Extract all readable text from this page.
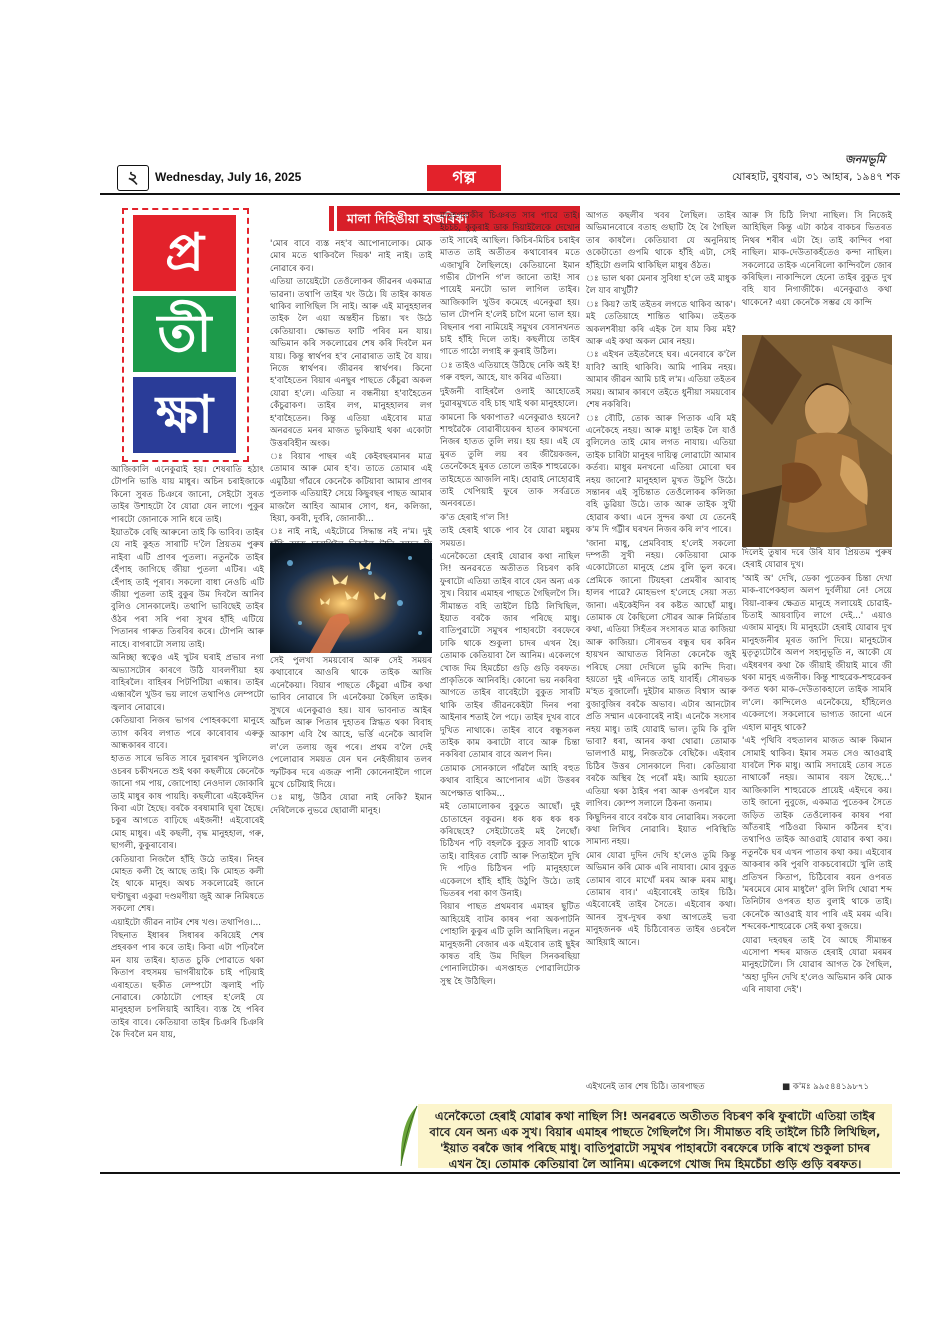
২	Wednesday, July 16, 2025	গল্প	যোৰহাট, বুধবাৰ, ৩১ আহাৰ, ১৯৪৭ শক
জনমভূমি
প্ৰ
তী
ক্ষা
মালা দিহিঙীয়া হাজৰিকা

আজিকালি এনেকুৱাই হয়। শেষৰাতি হঠাৎ টোপনি ভাঙি যায় মাধুৰ। অচিন চৰাইজাকে কিনো সুৰত চিঞৰে জানো, সেইটো সুৰত তাইৰ উশাহটো বৈ যোৱা যেন লাগে। পুকুৰ পাৰটো জোনাকে সানি ধৰে তাই।

ইয়াতকৈ বেছি আৰুনো তাই কি ভাবিব। তাইৰ যে নাই কুহত সাৰাটি দ'লৈ প্ৰিয়তম পুৰুষ নাইবা এটি প্ৰাণৰ পুতলা। নতুনকৈ তাইৰ হেঁপাহ জাগিছে জীয়া পুতলা এটিৰ। এই হেঁপাহ তাই পূৰাব। সকলো বাধা নেওচি এটি জীয়া পুতলা তাই বুকুৰ উম দিবলৈ আনিব বুলিও সোনকালেই। তথাপি ভাবিছেই তাইৰ ওঁঠৰ পৰা সৰি পৰা সুখৰ হাঁহি এটিয়ে পিতানৰ গাৰুত তিৰবিৰ কৰে। টোপনি আৰু নাহে। বাগৰাটো সলায় তাই।

অনিচ্ছা স্বত্বেও এই খুটৰ ঘৰাই প্ৰভাৰ নগা অভ্যাসটোৰ কাৰণে উঠি যাবলগীয়া হয় বাহিৰলৈ। বাহিৰৰ পিটপিটিয়া এন্ধাৰ। তাইৰ এন্ধাৰলৈ খুউব ভয় লাগে তথাপিও লেম্পটো জ্বলাব নোৱাৰে।

কেতিয়াবা নিজৰ ভাগৰ পোহৰকণো মানুহে ত্যাগ কৰিব লগাত পৰে কাৰোবাৰ এৰুকু আন্ধকাৰৰ বাবে।

হাতত সাৰে ভৰিত সাৰে দুৱাৰখন খুলিলেও ওচৰৰ চকীখনতে শুই থকা কছলীয়ে কেনেকৈ জানো গম পায়, জোপোহা নেওদাল জোকাৰি তাই মাধুৰ কাষ পায়হি। কছলীৰো এইকেইদিন কিবা এটা হৈছে। বৰকৈ বৰষামাৰি ঘূৰা হৈছে। চকুৰ আগতে বাঢ়িছে এইজনী! এইবোৰেই মোহ মাধুৰ। এই কছলী, বৃদ্ধ মানুহহাল, গৰু, ছাগলী, কুকুৰাবোৰ।

কেতিয়াবা নিজলৈ হাঁহি উঠে তাইৰ। নিহৰ মোহত কলী হৈ আছে তাই। কি মোহত কলী হৈ থাকে মানুহ। অথচ সকলোৱেই জানে ঘণ্টাছুৰা একুৱা দণ্ডমণীয়া জুই আৰু নিমিষতে সকলো শেষ।

এয়াইটো জীৱন নাটৰ শেষ খণ্ড। তথাপিও।...

বিছনাত ইধাৰৰ সিধাৰৰ কৰিয়েই শেষ প্ৰহৰকণ পাৰ কৰে তাই। কিবা এটা পঢ়িবলৈ মন যায় তাইৰ। হাতত চুকি পোৱাতে থকা কিতাপ বহুসময় ভাগৰীয়াকৈ চাই পঢ়িয়াই এৰাহতে। ছকীত লেম্পটো জ্বলাই পঢ়ি নোৱাৰে। কোঠাটো পোহৰ হ'লেই যে মানুহহাল চপলিয়াই আহিব। ব্যস্ত হৈ পৰিব তাইৰ বাবে। কেতিয়াবা তাইৰ চিঞৰি চিঞৰি কৈ দিবলৈ মন যায়,

'মোৰ বাবে ব্যস্ত নহ'ব আপোনালোক। মোক মোৰ মতে থাকিবলৈ দিয়ক' নাই নাই। তাই নোৱাৰে কব।

এতিয়া তায়েইটো তেওঁলোকৰ জীৱনৰ একমাত্ৰ ভাৱনা। তথাপি তাইৰ খং উঠে। যি তাইৰ কাষত থাকিব লাগিছিল সি নাই। আৰু এই মানুহহালৰ তাইক লৈ এয়া অন্তহীন চিন্তা। খং উঠে কেতিয়াবা। ক্ষোভত ফাটি পৰিব মন যায়। অভিমান কৰি সকলোৱেৰ শেষ কৰি দিবলৈ মন যায়। কিন্তু স্বাৰ্থপৰ হ'ব নোৱাৰাত তাই বৈ যায়। নিজে স্বাৰ্থপৰ। জীৱনৰ স্বাৰ্থপৰ। কিনো হ'বাহৈতেন বিয়াৰ এনছুৰ পাছতে কেঁচুৱা অকল যোৱা হ'লে। এতিয়া ন বন্ধনীয়া হ'বাহৈতেন কেঁচুৱাকণ। তাইৰ লগ, মানুহহালৰ লগ হ'বাহৈতেন। কিন্তু এতিয়া এইবোৰ মাত্ৰ অনৱৰতে মনৰ মাজত ভুকিয়াই থকা একোটা উত্তৰবিহীন অংক।

ঃ বিয়াৰ পাছৰ এই কেইবছৰমানৰ মাত্ৰ তোমাৰ আৰু মোৰ হ'ব। তাতে তোমাৰ এই এমুঠিয়া গাঁৱৰে কেনেকৈ কটিয়াবা আমাৰ প্ৰাণৰ পুতলাক এতিয়াই? সেয়ে কিছুবছৰ পাছত আমাৰ মাজলৈ আহিব আমাৰ সোণ, ধন, কলিজা, হিয়া, কৰবী, দুৰ্বৰি, জোনাকী...

ঃ নাই নাই, এইটোৱে সিদ্ধান্ত নই ন'ম। দুই

সেই পুলখা সময়বোৰ আৰু সেই সময়ৰ কথাবোৰে আওৰি থাকে তাইক আজি এনেকৈয়া। বিয়াৰ পাছতে কেঁচুৱা এটিৰ কথা ভাবিব নোৱাৰে সি এনেকৈয়া কৈছিল তাইক। সুখৰে এনেকুৱাও হয়। যাৰ ভাবনাত আইৰ আঁচল আৰু পিতাৰ দুহাতৰ স্নিগ্ধত থকা বিবাহ আকাশ এবি থৈ আহে, ভৰ্ত্তি এনেকৈ আবলি ল'লে তলায় জুৰ পৰে। প্ৰথম ব'লৈ দেই পেলোৱাৰ সময়ত যেন ঘন নেইজীয়াৰ তলৰ স্ফটিকৰ দৰে এজত্ৰু পানী কোনেনাইলৈ গালে মুখে চেটিয়াই দিয়ে।

ঃ মাধু, উঠিব যোৱা নাই নেকি? ইমান দেৰিলৈকে নুভৱে ছোৱালী মানুহ।

মানুহগৰাকীৰ চিঞৰত সাৰ পাৱে তাই। ইচচচ, কুকুৰাই ডাক দিয়াইলৈকে দেখোন তাই সাৰেই আছিল। কিচিৰ-মিচিৰ চৰাইৰ মাতত তাই অতীতৰ কথাবোৰৰ মতে এজাখুৰি লৈছিলহে। কেতিয়ানো ইমান গভীৰ টোপনি গ'ল জানো তাই! সাৰ পায়েই মনটো ভাল লাগিল তাইৰ। আজিকালি খুউব কমেহে এনেকুৱা হয়। ভাল টোপনি হ'লেই চাগৈ মনো ভাল হয়। বিছনাৰ পৰা নামিয়েই সমুখৰ বেসানখনত চাই হাঁহি দিলে তাই। কছলীয়ে তাইৰ গাতে গাঠো লগাই ৰু কুৰাই উঠিল।

ঃ তাইও এতিয়াহে উঠিছে নেকি অই ই! গৰু বহুল, আহে, যাং কৰিৱ এতিয়া।

দুইজনী বাহিৰলৈ ওলাই আহোতেই দুৱাৰমুখতে বহি চাহ খাই থকা মানুহহালে।

কামনো কি থকাপাত? এনেকুৱাও হয়নে? শাহুৱৈকৈ বোৱাৰীয়েকৰ হাতৰ কামখনো নিজৰ হাতত তুলি লয়। হয় হয়। এই যে মুৰত তুলি লয় ৰব জীয়ৈকজন, তেনেকৈহে মুৰত তোলে তাইক শাহুৱেকে। তাইহেতে আজলি নাই। হোৱাই নোহোৱাই তাই খেপিয়াই ফুৰে তাক সৰ্বত্ৰতে অনবৰতে।

ক'ত হেৰাই গ'ল সি!

তাই হেৰাই থাকে পাব বৈ যোৱা মধুময় সময়ত।

এনেকৈতো হেৰাই যোৱাৰ কথা নাছিল সি! অনৱৰতে অতীতত বিচৰণ কৰি ফুৰাটো এতিয়া তাইৰ বাবে যেন অন্য এক সুখ। বিয়াৰ এমাহৰ পাছতে গৈছিলগৈ সি। সীমান্তত বহি তাইলৈ চিঠি লিখিছিল, ইয়াত বৰকৈ জাৰ পৰিছে মাধু। বাতিপুৱাটো সমুখৰ পাহাৰটো বৰফেৰে ঢাকি থাকে শুকুলা চাদৰ এখন হৈ। তোমাক কেতিয়াবা লৈ আনিম। একেলগে খোজ দিম হিমচেঁচা গুড়ি গুড়ি বৰফত। প্ৰাকৃতিকে আনিবহি। কোনো ভয় নকৰিবা আগতে তাইৰ বাবেইটো বুকুত সাৰটি থাকি তাইৰ জীৱনকেইটা দিনৰ পৰা আইনাৰ শতাই লৈ পঢ়ে। তাইৰ দুখৰ বাবে দুখিত নাথাকে। তাইৰ বাবে বন্ধুসকল তাইক কাম কৰাটো বাবে আৰু চিন্তা নকৰিবা তোমাৰ বাবে অলপ দিন।

তোমাক সোনকালে গাঁৱলৈ আহি বহুত কথাৰ বাহিৰে আপোনাৰ এটা উত্তৰৰ অপেক্ষাত থাকিম...

মই তোমালোকৰ বুকুতে আছোঁ। দুই চোতাহেন বকুৱন। ধক ধক ধক ধক কৰিছেহে? সেইটোতেই মই লৈছোঁ। চিঠিখন পঢ়ি বহলকৈ বুকুত সাবটি থাকে তাই। বাহিৰত বোটি আৰু পিতাইলৈ দুখি দি পঢ়িও চিঠিখন পঢ়ি মানুহহালে একেলগে হাঁহি হাঁহি উঠুপি উঠে। তাই ভিতৰৰ পৰা কাণ উনাই।

বিয়াৰ পাছত প্ৰথমবাৰ এমাহৰ ছুটিত আহিয়েই বাটৰ কাষৰ পৰা অকপাটনি পোহালি কুকুৰ এটি তুলি আনিছিল। নতুন মানুহজনী বেজাৰ এক এইবোৰ তাই ছুইৰ কাষত বহি উম দিছিল সিনকৰছিয়া পোনালিটোক। এসপ্তাহত পোৱালিটোক সুস্থ হৈ উঠিছিল।

আগত কছলীৰ খবৰ লৈছিল। তাইৰ অভিমানবোৰে বতাহ গুছাটি হৈ ৰৈ গৈছিল তাৰ কাষলৈ। কেতিয়াবা যে অনুনিয়াহ ওকেটাতো গুপমি থাকে হাঁহি এটা, সেই হাঁহিটো গুলমি থাকিছিল মাধুৰ ওঁঠত।

ঃ ভাল থকা মেনাৰ সুবিধা হ'লে তই মাধুক লৈ যাব ৰাখুটী?

ঃ কিয়? তাই তইতৰ লগতে থাকিব আক'। মই তেতিয়াহে শান্তিত থাকিম। তইতক অকলশৰীয়া কৰি এইক লৈ যাম কিয় মই? আৰু এই কথা অকল মোৰ নহয়।

ঃ এইখন তইতলৈহে ঘৰ। এনেবাৰে ক'লৈ যাবি? আহি থাকিবি। আমি পাৰিম নহয়। আমাৰ জীৱন আমি চাই ল'ম। এতিয়া তইতৰ সময়। আমাৰ কাৰণে তইতে ধুনীয়া সময়বোৰ শেষ নকৰিবি।

ঃ বৌটি, তোক আৰু পিতাক এৰি মই এনেকৈহে নহয়। আৰু মাধু! তাইক লৈ যাওঁ বুলিলেও তাই মোৰ লগত নাযায়। এতিয়া তাইক চাৰিটা মানুহৰ দায়িত্ব লোৱাটো আমাৰ কৰ্তব্য। মাধুৰ মনখনো এতিয়া মোৰো ঘৰ নহয় জানো? মানুহহাল মুখত উচুপি উঠে। সন্তানৰ এই সুচিন্তাত তেওঁলোকৰ কলিজা বহি ডুৱিয়া উঠে। তাক আৰু তাইক সুখী হোৱাৰ কথা। এনে সুন্দৰ কথা যে তেনেই ক'ম দি গট্টীৰ ঘৰখন নিজৰ কৰি ল'ব পাৰে।

'জানা মাধু, প্ৰেমবিবাহ হ'লেই সকলো দম্পতী সুখী নহয়। কেতিয়াবা মোক একোটোতো মানুহে প্ৰেম বুলি ভুল কৰে। প্ৰেমিকে জানো টিয়হৰা প্ৰেমৰীৰ আবাহ হালৰ পাৱে? মোহভংগ হ'লেহে সেয়া সত্য জানা। এইকেইদিন বৰ কষ্টত আছোঁ মাধু। তোমাক যে কৈছিলো সৌৱৰ আৰু নিৰ্মিতাৰ কথা, এতিয়া সিহঁতৰ সংসাৰত মাত্ৰ কাজিয়া আৰু কাজিয়া। সৌৰভৰ বন্ধুৰ ঘৰ কৰিন হায়খন আঘাতত বিনিতা কেনেকৈ জুই পৰিছে সেয়া দেখিলে ভুমি কান্দি দিবা। হয়তো দুই এদিনতে তাই যাবহিঁ। সৌৰভক ম'হত বুজালোঁ। দুইটাৰ মাজত বিশ্বাস আৰু বুজাবুজিৰ বৰকৈ অভাব। এটাৰ আনটোৰ প্ৰতি সম্মান একেবাৰেই নাই। এনেকৈ সংসাৰ নহয় মাধু। তাই যোৱাই ভাল। তুমি কি বুলি ভাবা? ধৰা, আনৰ কথা থোৱা। তোমাক ভালপাওঁ মাধু, নিজতকৈ বেছিকৈ। এইবাৰ চিঠিৰ উত্তৰ সোনকালে দিবা। কেতিয়াবা বৰকৈ অস্থিৰ হৈ পৰোঁ মই। আমি হয়তো এতিয়া থকা ঠাইৰ পৰা আৰু ওপৰলৈ যাব লাগিব। ক্যেম্প সলালে ঠিকনা জনাম।

কিছুদিনৰ বাবে বৰকৈ যাব নোৱাৰিম। সকলো কথা লিখিব নোৱাৰি। ইয়াত পৰিস্থিতি সামান্য নহয়।

মোৰ যোৱা দুদিন দেখি হ'লেও তুমি কিন্তু অভিমান কৰি মোক এৰি নাযাবা। মোৰ বুকুত তোমাৰ বাবে মাখোঁ মৰম আৰু মৰম মাধু। তোমাৰ বাব।' এইবোৰেই তাইৰ চিঠি। এইবোৰেই তাইৰ সৈতে। এইবোৰ কথা। আনৰ সুখ-দুখৰ কথা আগতেই ভবা মানুহজনক এই চিঠিবোৰত তাইৰ ওচৰলৈ আহিয়াই আনে।

এইখনেই তাৰ শেষ চিঠি। তাৰপাছত

আৰু সি চিঠি লিখা নাছিল। সি নিজেই আহিছিল কিন্তু এটা কাঠৰ বাকচৰ ভিতৰত নিথৰ শৰীৰ এটা হৈ। তাই কান্দিব পৰা নাছিল। মাক-দেউতাকহঁতেও কন্দা নাছিল। সকলোৱে তাইক এনেৰিলো কান্দিবলৈ জোৰ কৰিছিল। নাকান্দিলে হেনো তাইৰ বুকুত দুখ বহি যাব নিগাজীকৈ। এনেকুৱাও কথা থাকেনে? এয়া কেনেকৈ সম্ভৱ যে কান্দি

দিলেই তুষাৰ দৰে উৰি যাব প্ৰিয়তম পুৰুষ হেৰাই যোৱাৰ দুখ।

'আই অ' দেখি, ডেকা পুতেকৰ চিন্তা দেখা মাক-বাপেকহাল অলপ দুৰ্বলীয়া নে! সেয়ে বিয়া-বাৰুৰ ক্ষেত্ৰত মানুহে সলায়েই চোৱাই-চিতাই আয়বাঢ়িব লাগে দেই...' এয়াও এজাম মানুহ। যি মানুহটো হেৰাই যোৱাৰ দুখ মানুহজনীৰ মূৰত জাপি দিয়ে। মানুহটোৰ মুতৃত্যুটোৰৈ অলপ সহানুভূতি ন, আকৌ যে এইধৰণৰ কথা কৈ জীয়াই জীয়াই মাৰে জী থকা মানুহ এজনীক। কিন্তু শাহুৱেক-শহুৱেকৰ কণত থকা মাক-দেউতাকহালে তাইক সামৰি ল'লে। কান্দিলেও এনেকৈয়ে, হাঁহিলেও একেলগে। সকলোৰে ভাগ্যত জানো এনে এহাল মানুহ থাকে?

'এই পৃথিবি বহুতালৰ মাজত আৰু কিমান সোমাই থাকিব। ইমাৰ সমত সেও আওৱাই যাবলৈ শিক মাধু। আমি সদায়েই তোৰ সতে নাথাকোঁ নহয়। আমাৰ বয়স হৈছে...' আজিকালি শাহুৱেকে প্ৰায়েই এইদৰে কয়। তাই জানো নুবুজে, একমাত্ৰ পুতেকৰ সৈতে জড়িত তাইক তেওঁলোকৰ কাষৰ পৰা আঁতৰাই পঠিওৱা কিমান কঠিনৰ হ'ব। তথাপিও তাইক আওৱাই যোৱাৰ কথা কয়। নতুনকৈ ঘৰ এখন পাতাৰ কথা কয়। এইবোৰ আকৰাৰ কৰি পুৰণি বাকচবোৰটো খুলি তাই প্ৰতিখন কিতাপ, চিঠিবোৰ ৰয়ন ওপৰত 'মৰমেৰে মোৰ মাধুলৈ' বুলি লিখি থোৱা শব্দ তিনিটাৰ ওপৰত হাত বুলাই থাকে তাই। কেনেকৈ আওৱাই যাব পাৰি এই মৰম এৰি। শব্দৰেক-শাহুৱেকে সেই কথা বুজয়ে।

যোৱা দহবছৰ তাই বৈ আছে সীমান্তৰ এসোপা শব্দৰ মাজত হেৰাই যোৱা মৰমৰ মানুহটোলৈ। সি যোৱাৰ আগত কৈ গৈছিল, 'অহা দুদিন দেখি হ'লেও অভিমান কৰি মোক এৰি নাযাবা দেই'।

■ ক'মঃ ৯৯৫৪৪১৯৮৭১
এনেকৈতো হেৰাই যোৱাৰ কথা নাছিল সি! অনৱৰতে অতীতত বিচৰণ কৰি ফুৰাটো এতিয়া তাইৰ বাবে যেন অন্য এক সুখ। বিয়াৰ এমাহৰ পাছতে গৈছিলগৈ সি। সীমান্তত বহি তাইলৈ চিঠি লিখিছিল, 'ইয়াত বৰকৈ জাৰ পৰিছে মাধু। বাতিপুৱাটো সমুখৰ পাহাৰটো বৰফেৰে ঢাকি ৰাখে শুকুলা চাদৰ এখন হৈ। তোমাক কেতিয়াবা লৈ আনিম। একেলগে খোজ দিম হিমচেঁচা গুড়ি গুড়ি বৰফত।
